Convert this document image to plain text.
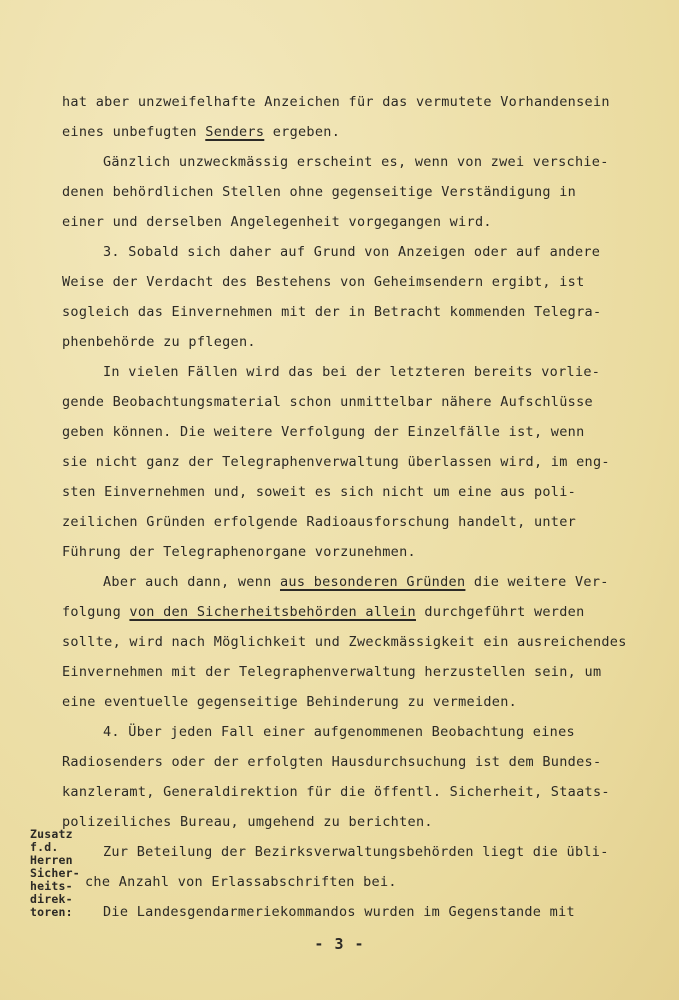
hat aber unzweifelhafte Anzeichen für das vermutete Vorhandensein
eines unbefugten Senders ergeben.
Gänzlich unzweckmässig erscheint es, wenn von zwei verschie-
denen behördlichen Stellen ohne gegenseitige Verständigung in
einer und derselben Angelegenheit vorgegangen wird.
3. Sobald sich daher auf Grund von Anzeigen oder auf andere
Weise der Verdacht des Bestehens von Geheimsendern ergibt, ist
sogleich das Einvernehmen mit der in Betracht kommenden Telegra-
phenbehörde zu pflegen.
In vielen Fällen wird das bei der letzteren bereits vorlie-
gende Beobachtungsmaterial schon unmittelbar nähere Aufschlüsse
geben können. Die weitere Verfolgung der Einzelfälle ist, wenn
sie nicht ganz der Telegraphenverwaltung überlassen wird, im eng-
sten Einvernehmen und, soweit es sich nicht um eine aus poli-
zeilichen Gründen erfolgende Radioausforschung handelt, unter
Führung der Telegraphenorgane vorzunehmen.
Aber auch dann, wenn aus besonderen Gründen die weitere Ver-
folgung von den Sicherheitsbehörden allein durchgeführt werden
sollte, wird nach Möglichkeit und Zweckmässigkeit ein ausreichendes
Einvernehmen mit der Telegraphenverwaltung herzustellen sein, um
eine eventuelle gegenseitige Behinderung zu vermeiden.
4. Über jeden Fall einer aufgenommenen Beobachtung eines
Radiosenders oder der erfolgten Hausdurchsuchung ist dem Bundes-
kanzleramt, Generaldirektion für die öffentl. Sicherheit, Staats-
polizeiliches Bureau, umgehend zu berichten.
Zur Beteilung der Bezirksverwaltungsbehörden liegt die übli-
che Anzahl von Erlassabschriften bei.
Die Landesgendarmeriekommandos wurden im Gegenstande mit
Zusatz
f.d.
Herren
Sicher-
heits-
direk-
toren:
- 3 -
